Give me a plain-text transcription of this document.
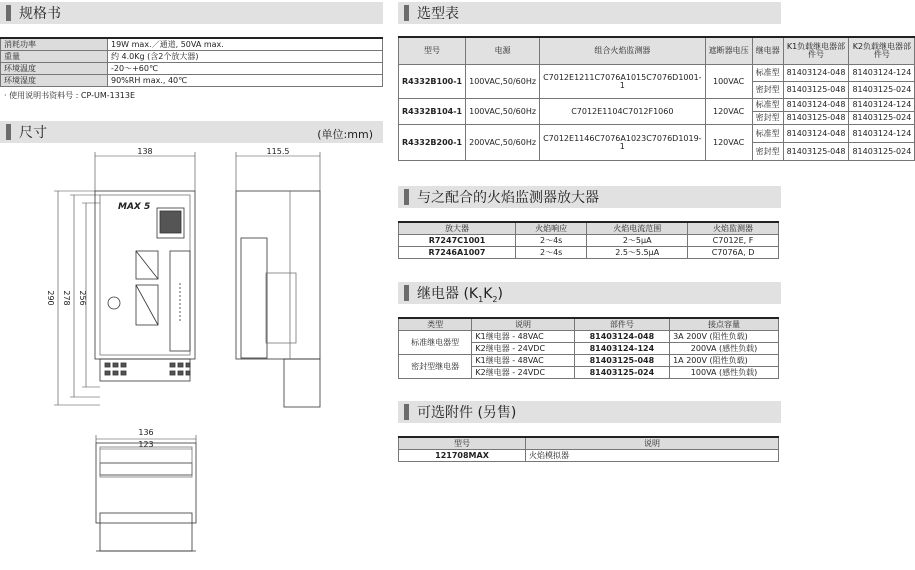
规格书
消耗功率	19W max.／通道, 50VA max.
重量	约 4.0Kg (含2个放大器)
环境温度	-20～+60℃
环境湿度	90%RH max., 40℃
· 使用说明书资料号 : CP-UM-1313E
尺寸	(单位:mm)
138	115.5
290 278 256
136
123
MAX 5
选型表
型号	电源	组合火焰监测器	遮断器电压	继电器	K1负载继电器部件号	K2负载继电器部件号
R4332B100-1	100VAC,50/60Hz	C7012E1211C7076A1015C7076D1001-1	100VAC	标准型	81403124-048	81403124-124
				密封型	81403125-048	81403125-024
R4332B104-1	100VAC,50/60Hz	C7012E1104C7012F1060	120VAC	标准型	81403124-048	81403124-124
				密封型	81403125-048	81403125-024
R4332B200-1	200VAC,50/60Hz	C7012E1146C7076A1023C7076D1019-1	120VAC	标准型	81403124-048	81403124-124
				密封型	81403125-048	81403125-024
与之配合的火焰监测器放大器
放大器	火焰响应	火焰电流范围	火焰监测器
R7247C1001	2～4s	2～5μA	C7012E, F
R7246A1007	2～4s	2.5～5.5μA	C7076A, D
继电器 $(K_1K_2)$
类型	说明	部件号	接点容量
标准继电器型	K1继电器 - 48VAC	81403124-048	3A 200V (阻性负载)
	K2继电器 - 24VDC	81403124-124	200VA (感性负载)
密封型继电器	K1继电器 - 48VAC	81403125-048	1A 200V (阻性负载)
	K2继电器 - 24VDC	81403125-024	100VA (感性负载)
可选附件 (另售)
型号	说明
121708MAX	火焰模拟器
